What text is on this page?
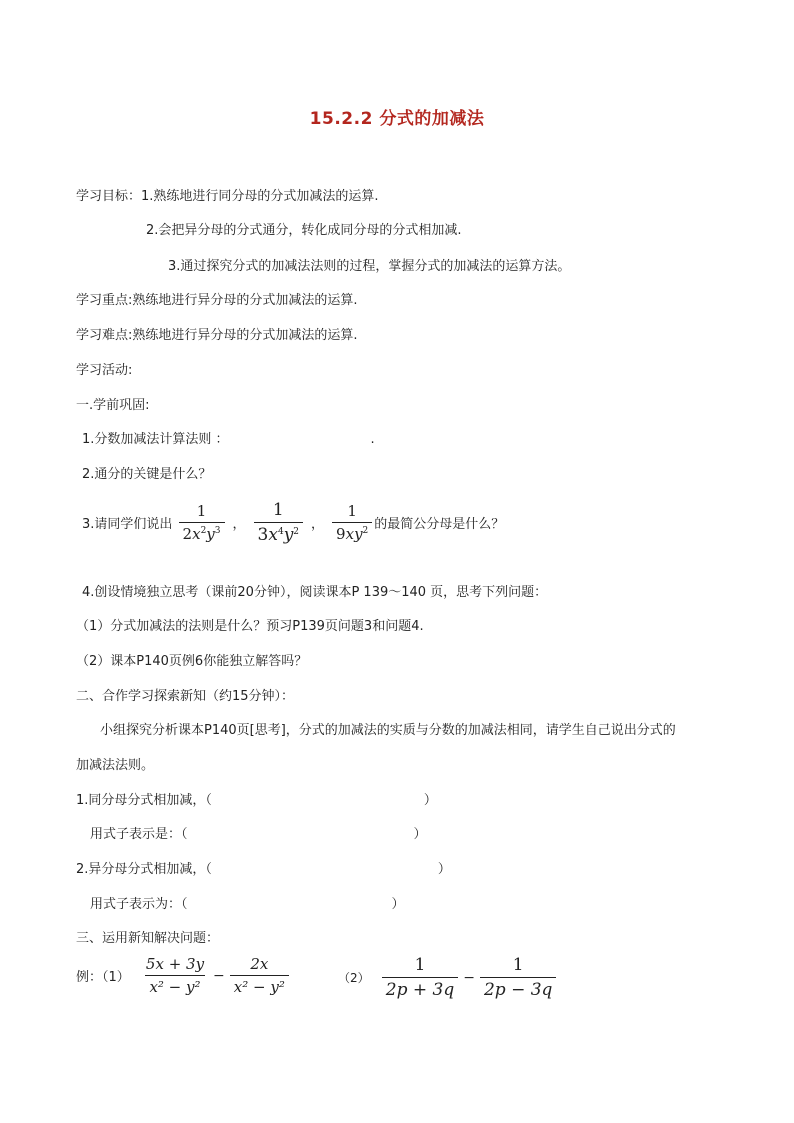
15.2.2 分式的加减法
学习目标：1.熟练地进行同分母的分式加减法的运算.
2.会把异分母的分式通分，转化成同分母的分式相加减.
3.通过探究分式的加减法法则的过程，掌握分式的加减法的运算方法。
学习重点:熟练地进行异分母的分式加减法的运算.
学习难点:熟练地进行异分母的分式加减法的运算.
学习活动:
一.学前巩固:
1.分数加减法计算法则 ：	.
2.通分的关键是什么？
3.请同学们说出 $\frac{1}{2x^2y^3}$ ， $\frac{1}{3x^4y^2}$ ， $\frac{1}{9xy^2}$ 的最简公分母是什么？
4.创设情境独立思考（课前20分钟），阅读课本P 139～140 页，思考下列问题：
（1）分式加减法的法则是什么？预习P139页问题3和问题4.
（2）课本P140页例6你能独立解答吗？
二、合作学习探索新知（约15分钟）：
小组探究分析课本P140页[思考]，分式的加减法的实质与分数的加减法相同，请学生自己说出分式的
加减法法则。
1.同分母分式相加减，（	）
用式子表示是：（	）
2.异分母分式相加减，（	）
用式子表示为：（	）
三、运用新知解决问题：
例：$(1) \frac{5x + 3y}{\text{x² − y²}} - \frac{2x}{\text{x² − y²}}$	$(2) \frac{1}{2p + 3q} - \frac{1}{2p - 3q}$
